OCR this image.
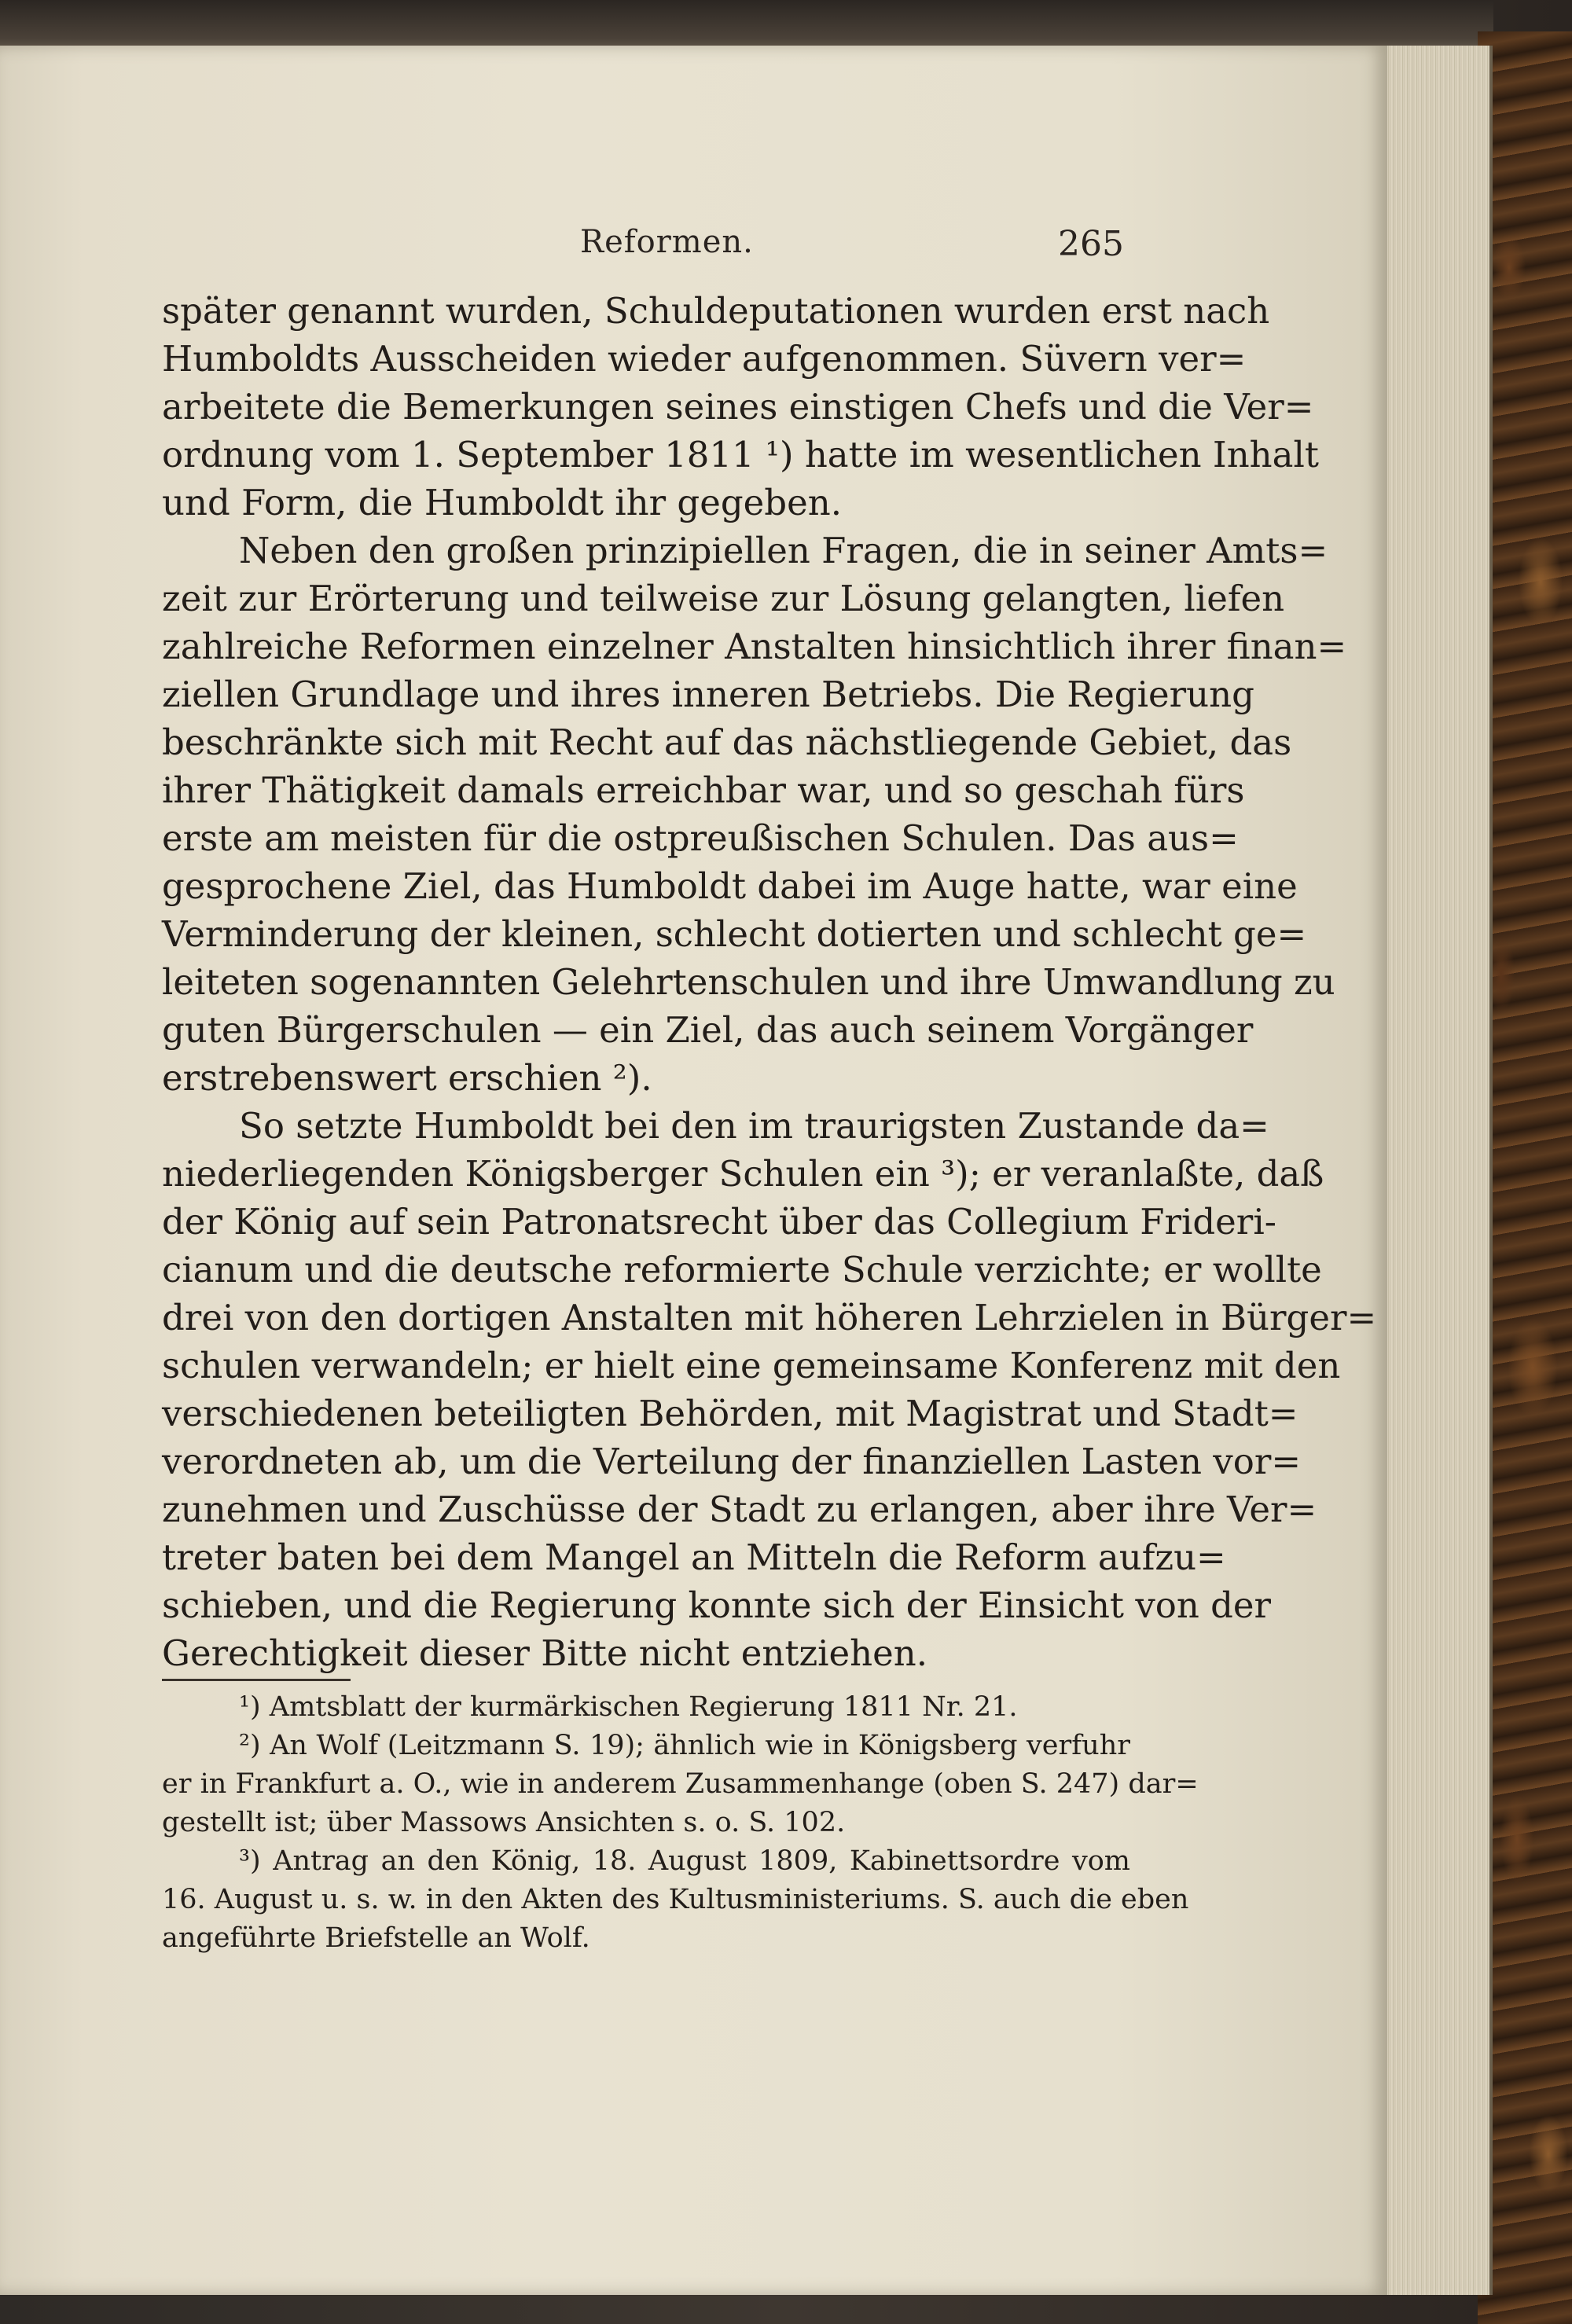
Reformen.	265
später genannt wurden, Schuldeputationen wurden erst nach
Humboldts Ausscheiden wieder aufgenommen. Süvern ver=
arbeitete die Bemerkungen seines einstigen Chefs und die Ver=
ordnung vom 1. September 1811 ¹) hatte im wesentlichen Inhalt
und Form, die Humboldt ihr gegeben.
Neben den großen prinzipiellen Fragen, die in seiner Amts=
zeit zur Erörterung und teilweise zur Lösung gelangten, liefen
zahlreiche Reformen einzelner Anstalten hinsichtlich ihrer finan=
ziellen Grundlage und ihres inneren Betriebs. Die Regierung
beschränkte sich mit Recht auf das nächstliegende Gebiet, das
ihrer Thätigkeit damals erreichbar war, und so geschah fürs
erste am meisten für die ostpreußischen Schulen. Das aus=
gesprochene Ziel, das Humboldt dabei im Auge hatte, war eine
Verminderung der kleinen, schlecht dotierten und schlecht ge=
leiteten sogenannten Gelehrtenschulen und ihre Umwandlung zu
guten Bürgerschulen — ein Ziel, das auch seinem Vorgänger
erstrebenswert erschien ²).
So setzte Humboldt bei den im traurigsten Zustande da=
niederliegenden Königsberger Schulen ein ³); er veranlaßte, daß
der König auf sein Patronatsrecht über das Collegium Frideri-
cianum und die deutsche reformierte Schule verzichte; er wollte
drei von den dortigen Anstalten mit höheren Lehrzielen in Bürger=
schulen verwandeln; er hielt eine gemeinsame Konferenz mit den
verschiedenen beteiligten Behörden, mit Magistrat und Stadt=
verordneten ab, um die Verteilung der finanziellen Lasten vor=
zunehmen und Zuschüsse der Stadt zu erlangen, aber ihre Ver=
treter baten bei dem Mangel an Mitteln die Reform aufzu=
schieben, und die Regierung konnte sich der Einsicht von der
Gerechtigkeit dieser Bitte nicht entziehen.
¹) Amtsblatt der kurmärkischen Regierung 1811 Nr. 21.
²) An Wolf (Leitzmann S. 19); ähnlich wie in Königsberg verfuhr
er in Frankfurt a. O., wie in anderem Zusammenhange (oben S. 247) dar=
gestellt ist; über Massows Ansichten s. o. S. 102.
³) Antrag an den König, 18. August 1809, Kabinettsordre vom
16. August u. s. w. in den Akten des Kultusministeriums. S. auch die eben
angeführte Briefstelle an Wolf.
